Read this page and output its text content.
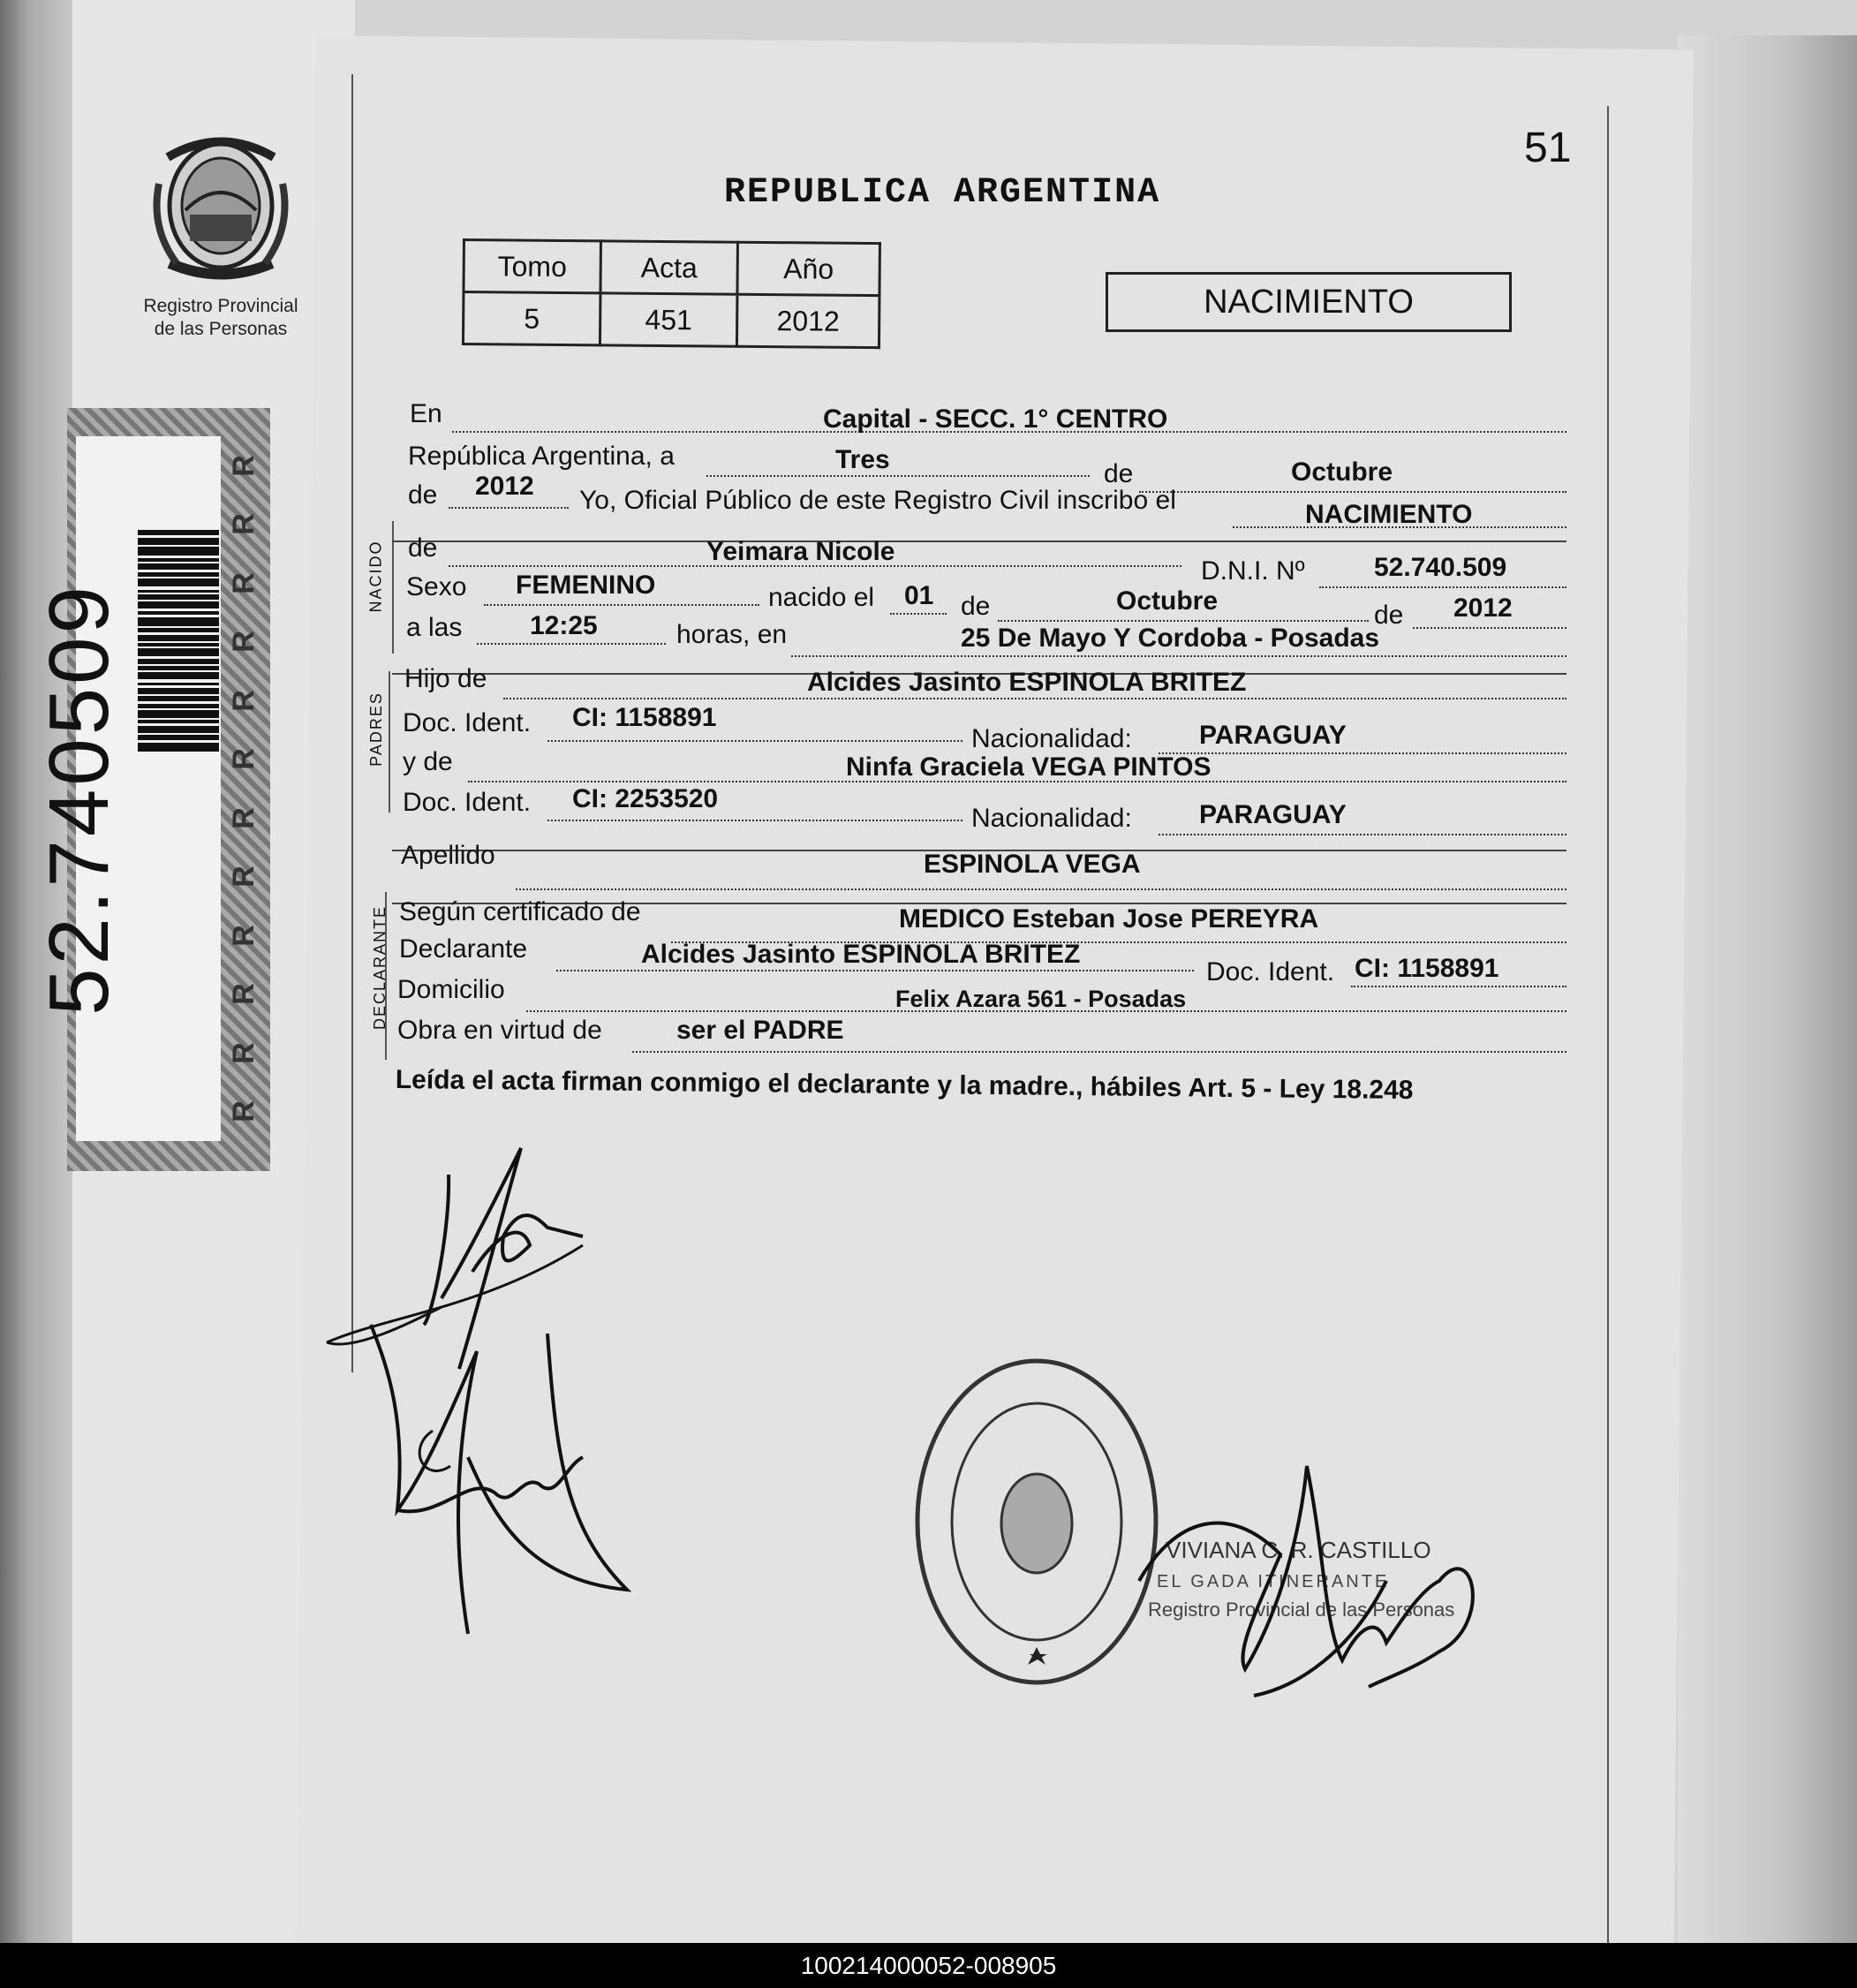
Registro Provincial
de las Personas
52.740509
R
R
R
R
R
R
R
R
R
R
R
R
51
REPUBLICA ARGENTINA
Tomo	Acta	Año
5	451	2012	NACIMIENTO
NACIDO
PADRES
DECLARANTE
En	Capital - SECC. 1° CENTRO
República Argentina, a	Tres	de	Octubre
de 2012 Yo, Oficial Público de este Registro Civil inscribo el	NACIMIENTO
de	Yeimara Nicole
D.N.I. Nº	52.740.509
Sexo FEMENINO	nacido el 01 de	Octubre	de 2012
a las	12:25	horas, en	25 De Mayo Y Cordoba - Posadas
Hijo de	Alcides Jasinto ESPINOLA BRITEZ
Doc. Ident. CI: 1158891
Nacionalidad:	PARAGUAY
y de	Ninfa Graciela VEGA PINTOS
Doc. Ident. CI: 2253520
Nacionalidad:	PARAGUAY
Apellido	ESPINOLA VEGA
Según certificado de	MEDICO Esteban Jose PEREYRA
Declarante	Alcides Jasinto ESPINOLA BRITEZ
Doc. Ident. CI: 1158891
Domicilio	Felix Azara 561 - Posadas
Obra en virtud de	ser el PADRE
Leída el acta firman conmigo el declarante y la madre., hábiles Art. 5 - Ley 18.248
VIVIANA C. R. CASTILLO
EL GADA ITINERANTE
Registro Provincial de las Personas
100214000052-008905
